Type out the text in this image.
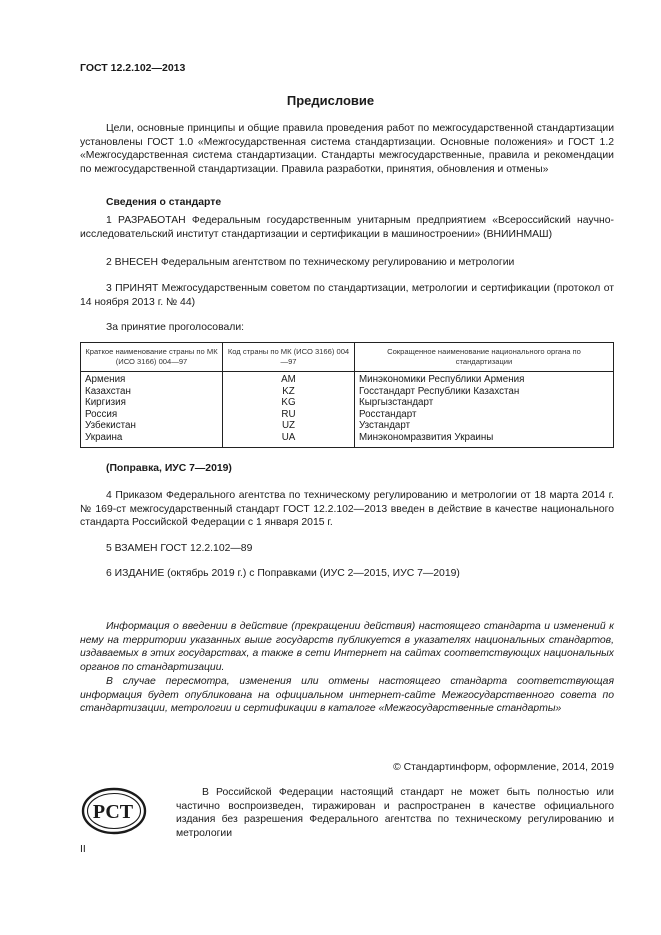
ГОСТ 12.2.102—2013
Предисловие

Цели, основные принципы и общие правила проведения работ по межгосударственной стандартизации установлены ГОСТ 1.0 «Межгосударственная система стандартизации. Основные положения» и ГОСТ 1.2 «Межгосударственная система стандартизации. Стандарты межгосударственные, правила и рекомендации по межгосударственной стандартизации. Правила разработки, принятия, обновления и отмены»

Сведения о стандарте

1 РАЗРАБОТАН Федеральным государственным унитарным предприятием «Всероссийский научно-исследовательский институт стандартизации и сертификации в машиностроении» (ВНИИНМАШ)

2 ВНЕСЕН Федеральным агентством по техническому регулированию и метрологии

3 ПРИНЯТ Межгосударственным советом по стандартизации, метрологии и сертификации (протокол от 14 ноября 2013 г. № 44)

За принятие проголосовали:

Краткое наименование страны по МК (ИСО 3166) 004—97	Код страны по МК (ИСО 3166) 004—97	Сокращенное наименование национального органа по стандартизации
Армения	AM	Минэкономики Республики Армения
Казахстан	KZ	Госстандарт Республики Казахстан
Киргизия	KG	Кыргызстандарт
Россия	RU	Росстандарт
Узбекистан	UZ	Узстандарт
Украина	UA	Минэкономразвития Украины
(Поправка, ИУС 7—2019)

4 Приказом Федерального агентства по техническому регулированию и метрологии от 18 марта 2014 г. № 169-ст межгосударственный стандарт ГОСТ 12.2.102—2013 введен в действие в качестве национального стандарта Российской Федерации с 1 января 2015 г.

5 ВЗАМЕН ГОСТ 12.2.102—89

6 ИЗДАНИЕ (октябрь 2019 г.) с Поправками (ИУС 2—2015, ИУС 7—2019)

Информация о введении в действие (прекращении действия) настоящего стандарта и изменений к нему на территории указанных выше государств публикуется в указателях национальных стандартов, издаваемых в этих государствах, а также в сети Интернет на сайтах соответствующих национальных органов по стандартизации.

В случае пересмотра, изменения или отмены настоящего стандарта соответствующая информация будет опубликована на официальном интернет-сайте Межгосударственного совета по стандартизации, метрологии и сертификации в каталоге «Межгосударственные стандарты»

© Стандартинформ, оформление, 2014, 2019
РСТ

В Российской Федерации настоящий стандарт не может быть полностью или частично воспроизведен, тиражирован и распространен в качестве официального издания без разрешения Федерального агентства по техническому регулированию и метрологии

II
